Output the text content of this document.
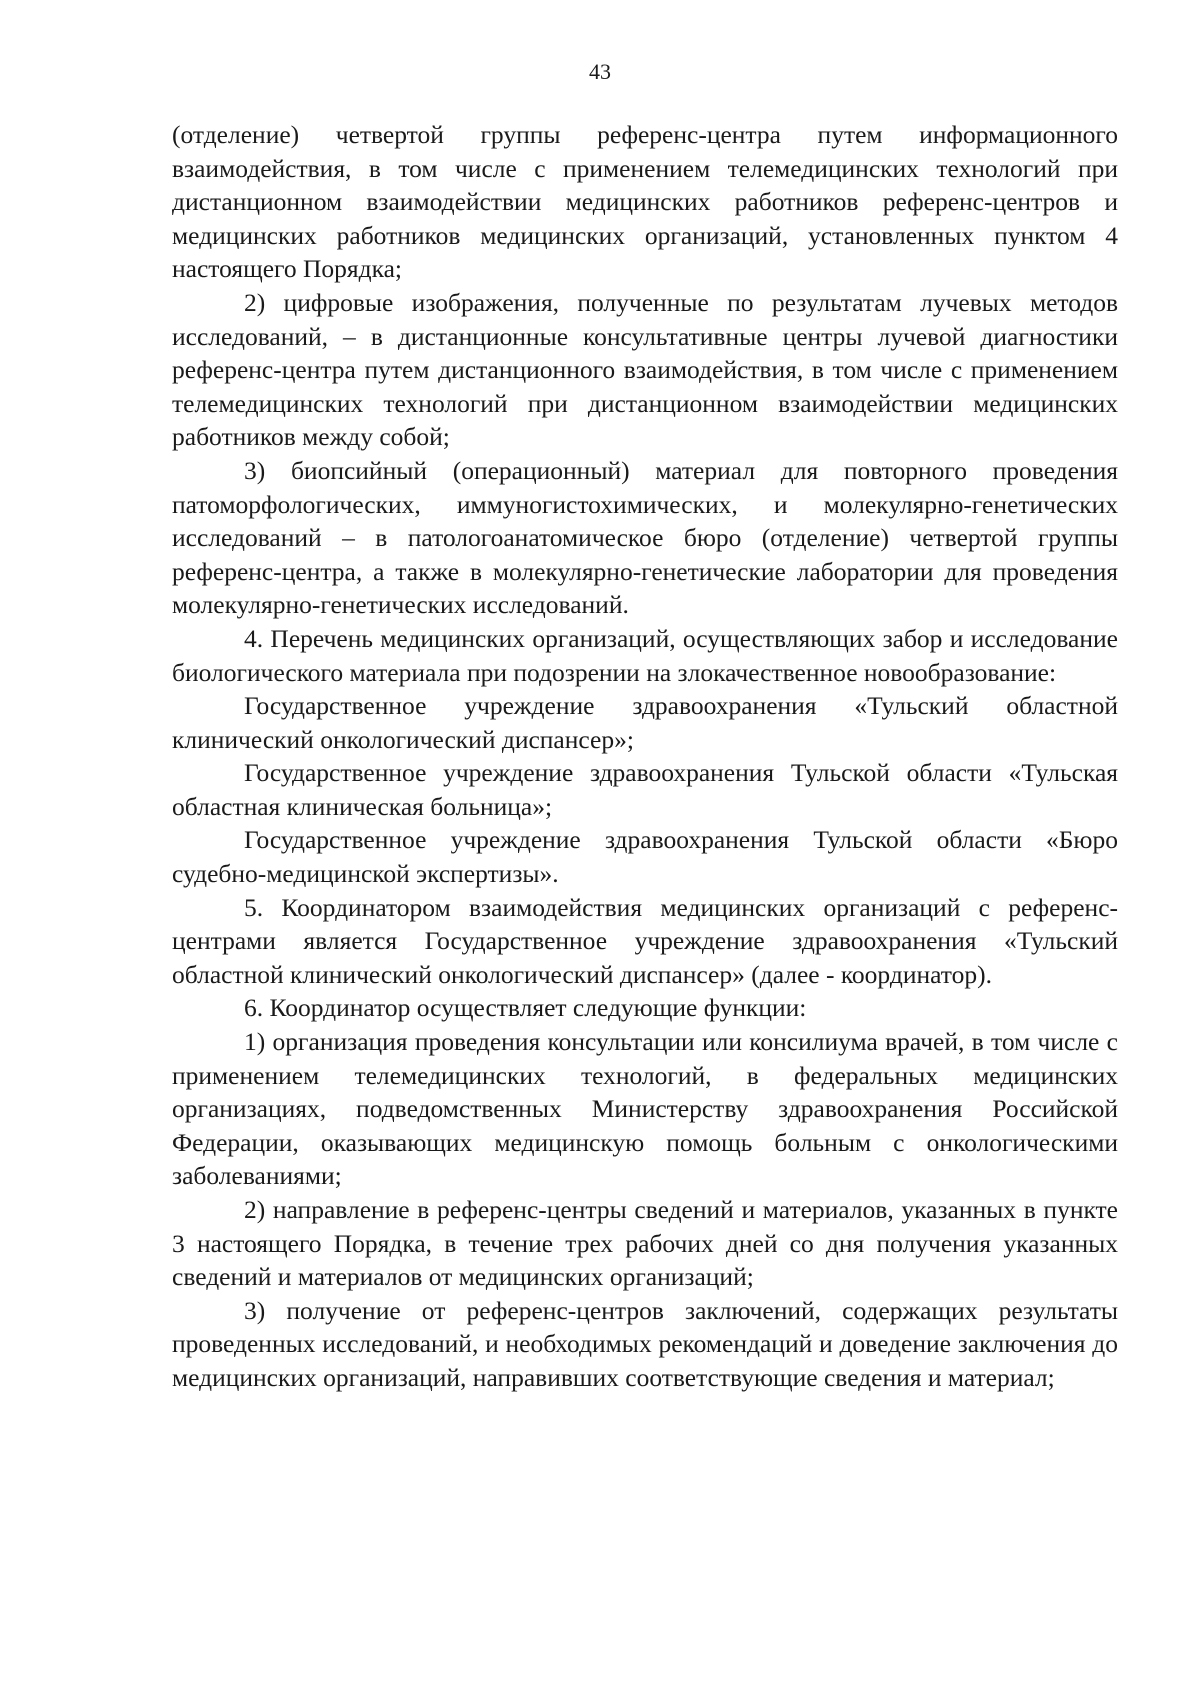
43

(отделение) четвертой группы референс-центра путем информационного взаимодействия, в том числе с применением телемедицинских технологий при дистанционном взаимодействии медицинских работников референс-центров и медицинских работников медицинских организаций, установленных пунктом 4 настоящего Порядка;

2) цифровые изображения, полученные по результатам лучевых методов исследований, – в дистанционные консультативные центры лучевой диагностики референс-центра путем дистанционного взаимодействия, в том числе с применением телемедицинских технологий при дистанционном взаимодействии медицинских работников между собой;

3) биопсийный (операционный) материал для повторного проведения патоморфологических, иммуногистохимических, и молекулярно-генетических исследований – в патологоанатомическое бюро (отделение) четвертой группы референс-центра, а также в молекулярно-генетические лаборатории для проведения молекулярно-генетических исследований.

4. Перечень медицинских организаций, осуществляющих забор и исследование биологического материала при подозрении на злокачественное новообразование:

Государственное учреждение здравоохранения «Тульский областной клинический онкологический диспансер»;

Государственное учреждение здравоохранения Тульской области «Тульская областная клиническая больница»;

Государственное учреждение здравоохранения Тульской области «Бюро судебно-медицинской экспертизы».

5. Координатором взаимодействия медицинских организаций с референс-центрами является Государственное учреждение здравоохранения «Тульский областной клинический онкологический диспансер» (далее - координатор).

6. Координатор осуществляет следующие функции:

1) организация проведения консультации или консилиума врачей, в том числе с применением телемедицинских технологий, в федеральных медицинских организациях, подведомственных Министерству здравоохранения Российской Федерации, оказывающих медицинскую помощь больным с онкологическими заболеваниями;

2) направление в референс-центры сведений и материалов, указанных в пункте 3 настоящего Порядка, в течение трех рабочих дней со дня получения указанных сведений и материалов от медицинских организаций;

3) получение от референс-центров заключений, содержащих результаты проведенных исследований, и необходимых рекомендаций и доведение заключения до медицинских организаций, направивших соответствующие сведения и материал;
